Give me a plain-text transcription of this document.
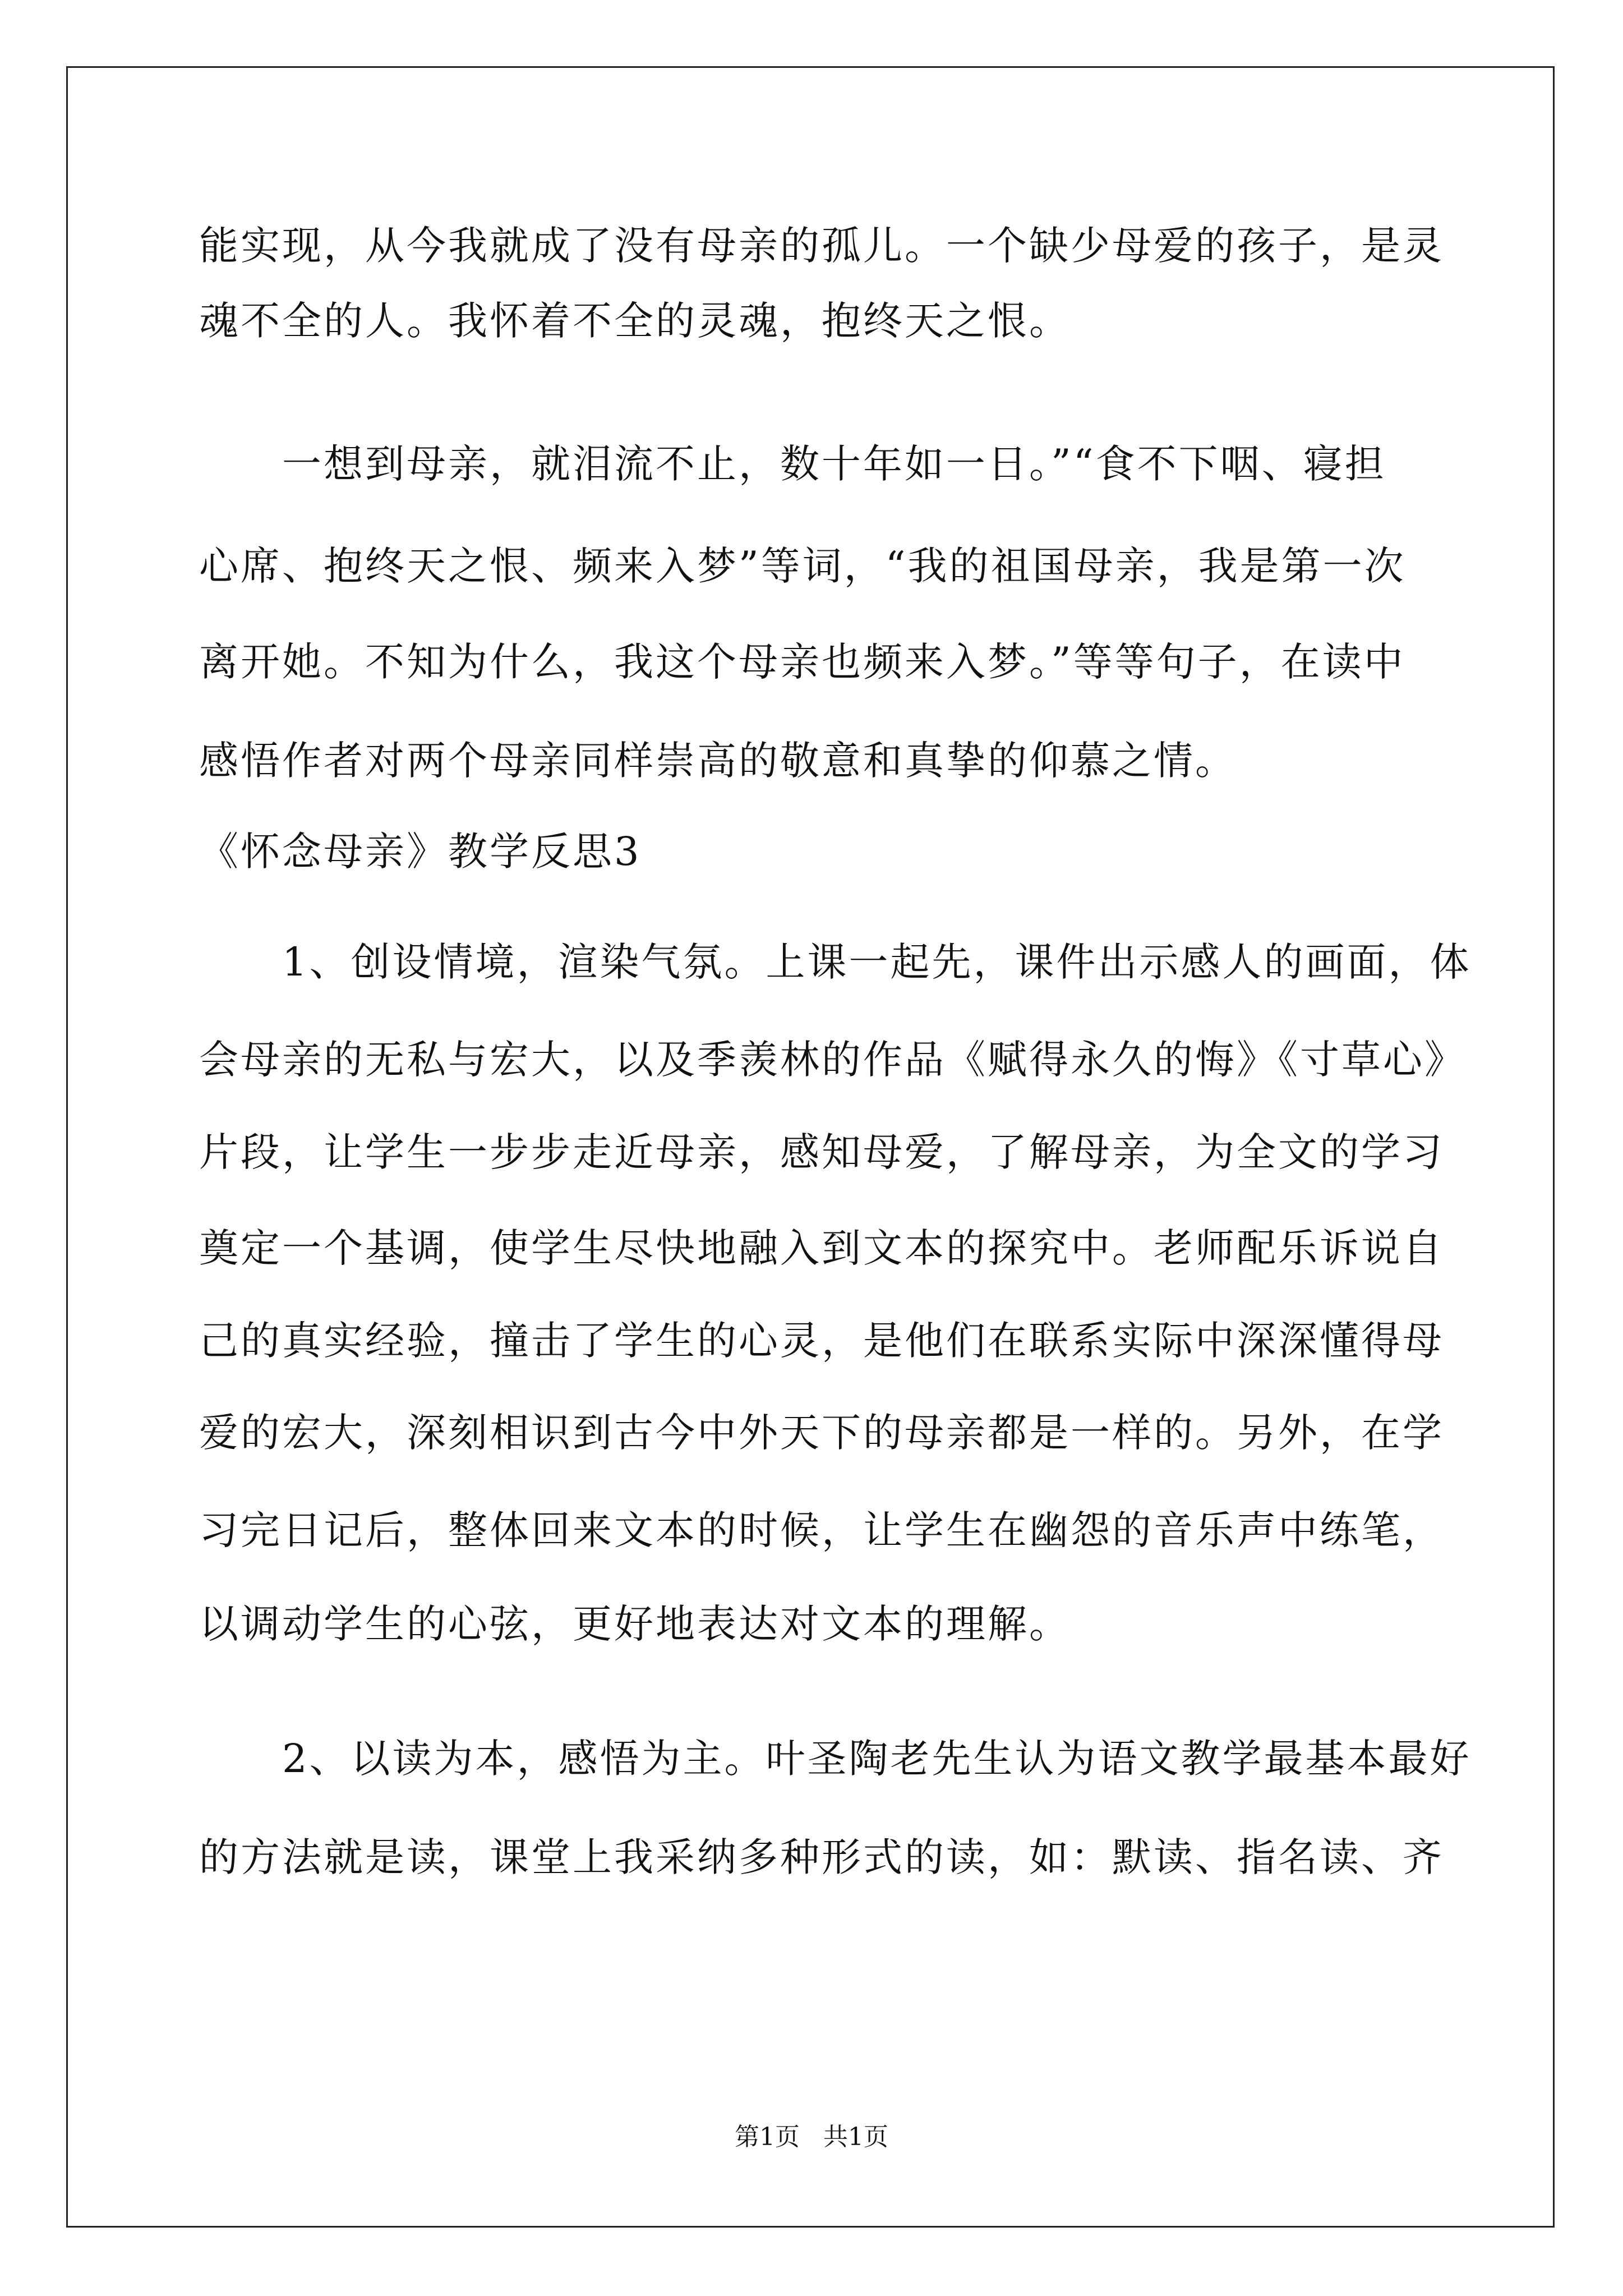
能实现，从今我就成了没有母亲的孤儿。一个缺少母爱的孩子，是灵
魂不全的人。我怀着不全的灵魂，抱终天之恨。
　　一想到母亲，就泪流不止，数十年如一日。”“食不下咽、寝担
心席、抱终天之恨、频来入梦”等词，“我的祖国母亲，我是第一次
离开她。不知为什么，我这个母亲也频来入梦。”等等句子，在读中
感悟作者对两个母亲同样崇高的敬意和真挚的仰慕之情。
《怀念母亲》教学反思3
　　1、创设情境，渲染气氛。上课一起先，课件出示感人的画面，体
会母亲的无私与宏大，以及季羡林的作品《赋得永久的悔》《寸草心》
片段，让学生一步步走近母亲，感知母爱，了解母亲，为全文的学习
奠定一个基调，使学生尽快地融入到文本的探究中。老师配乐诉说自
己的真实经验，撞击了学生的心灵，是他们在联系实际中深深懂得母
爱的宏大，深刻相识到古今中外天下的母亲都是一样的。另外，在学
习完日记后，整体回来文本的时候，让学生在幽怨的音乐声中练笔，
以调动学生的心弦，更好地表达对文本的理解。
　　2、以读为本，感悟为主。叶圣陶老先生认为语文教学最基本最好
的方法就是读，课堂上我采纳多种形式的读，如：默读、指名读、齐
第1页 共1页
